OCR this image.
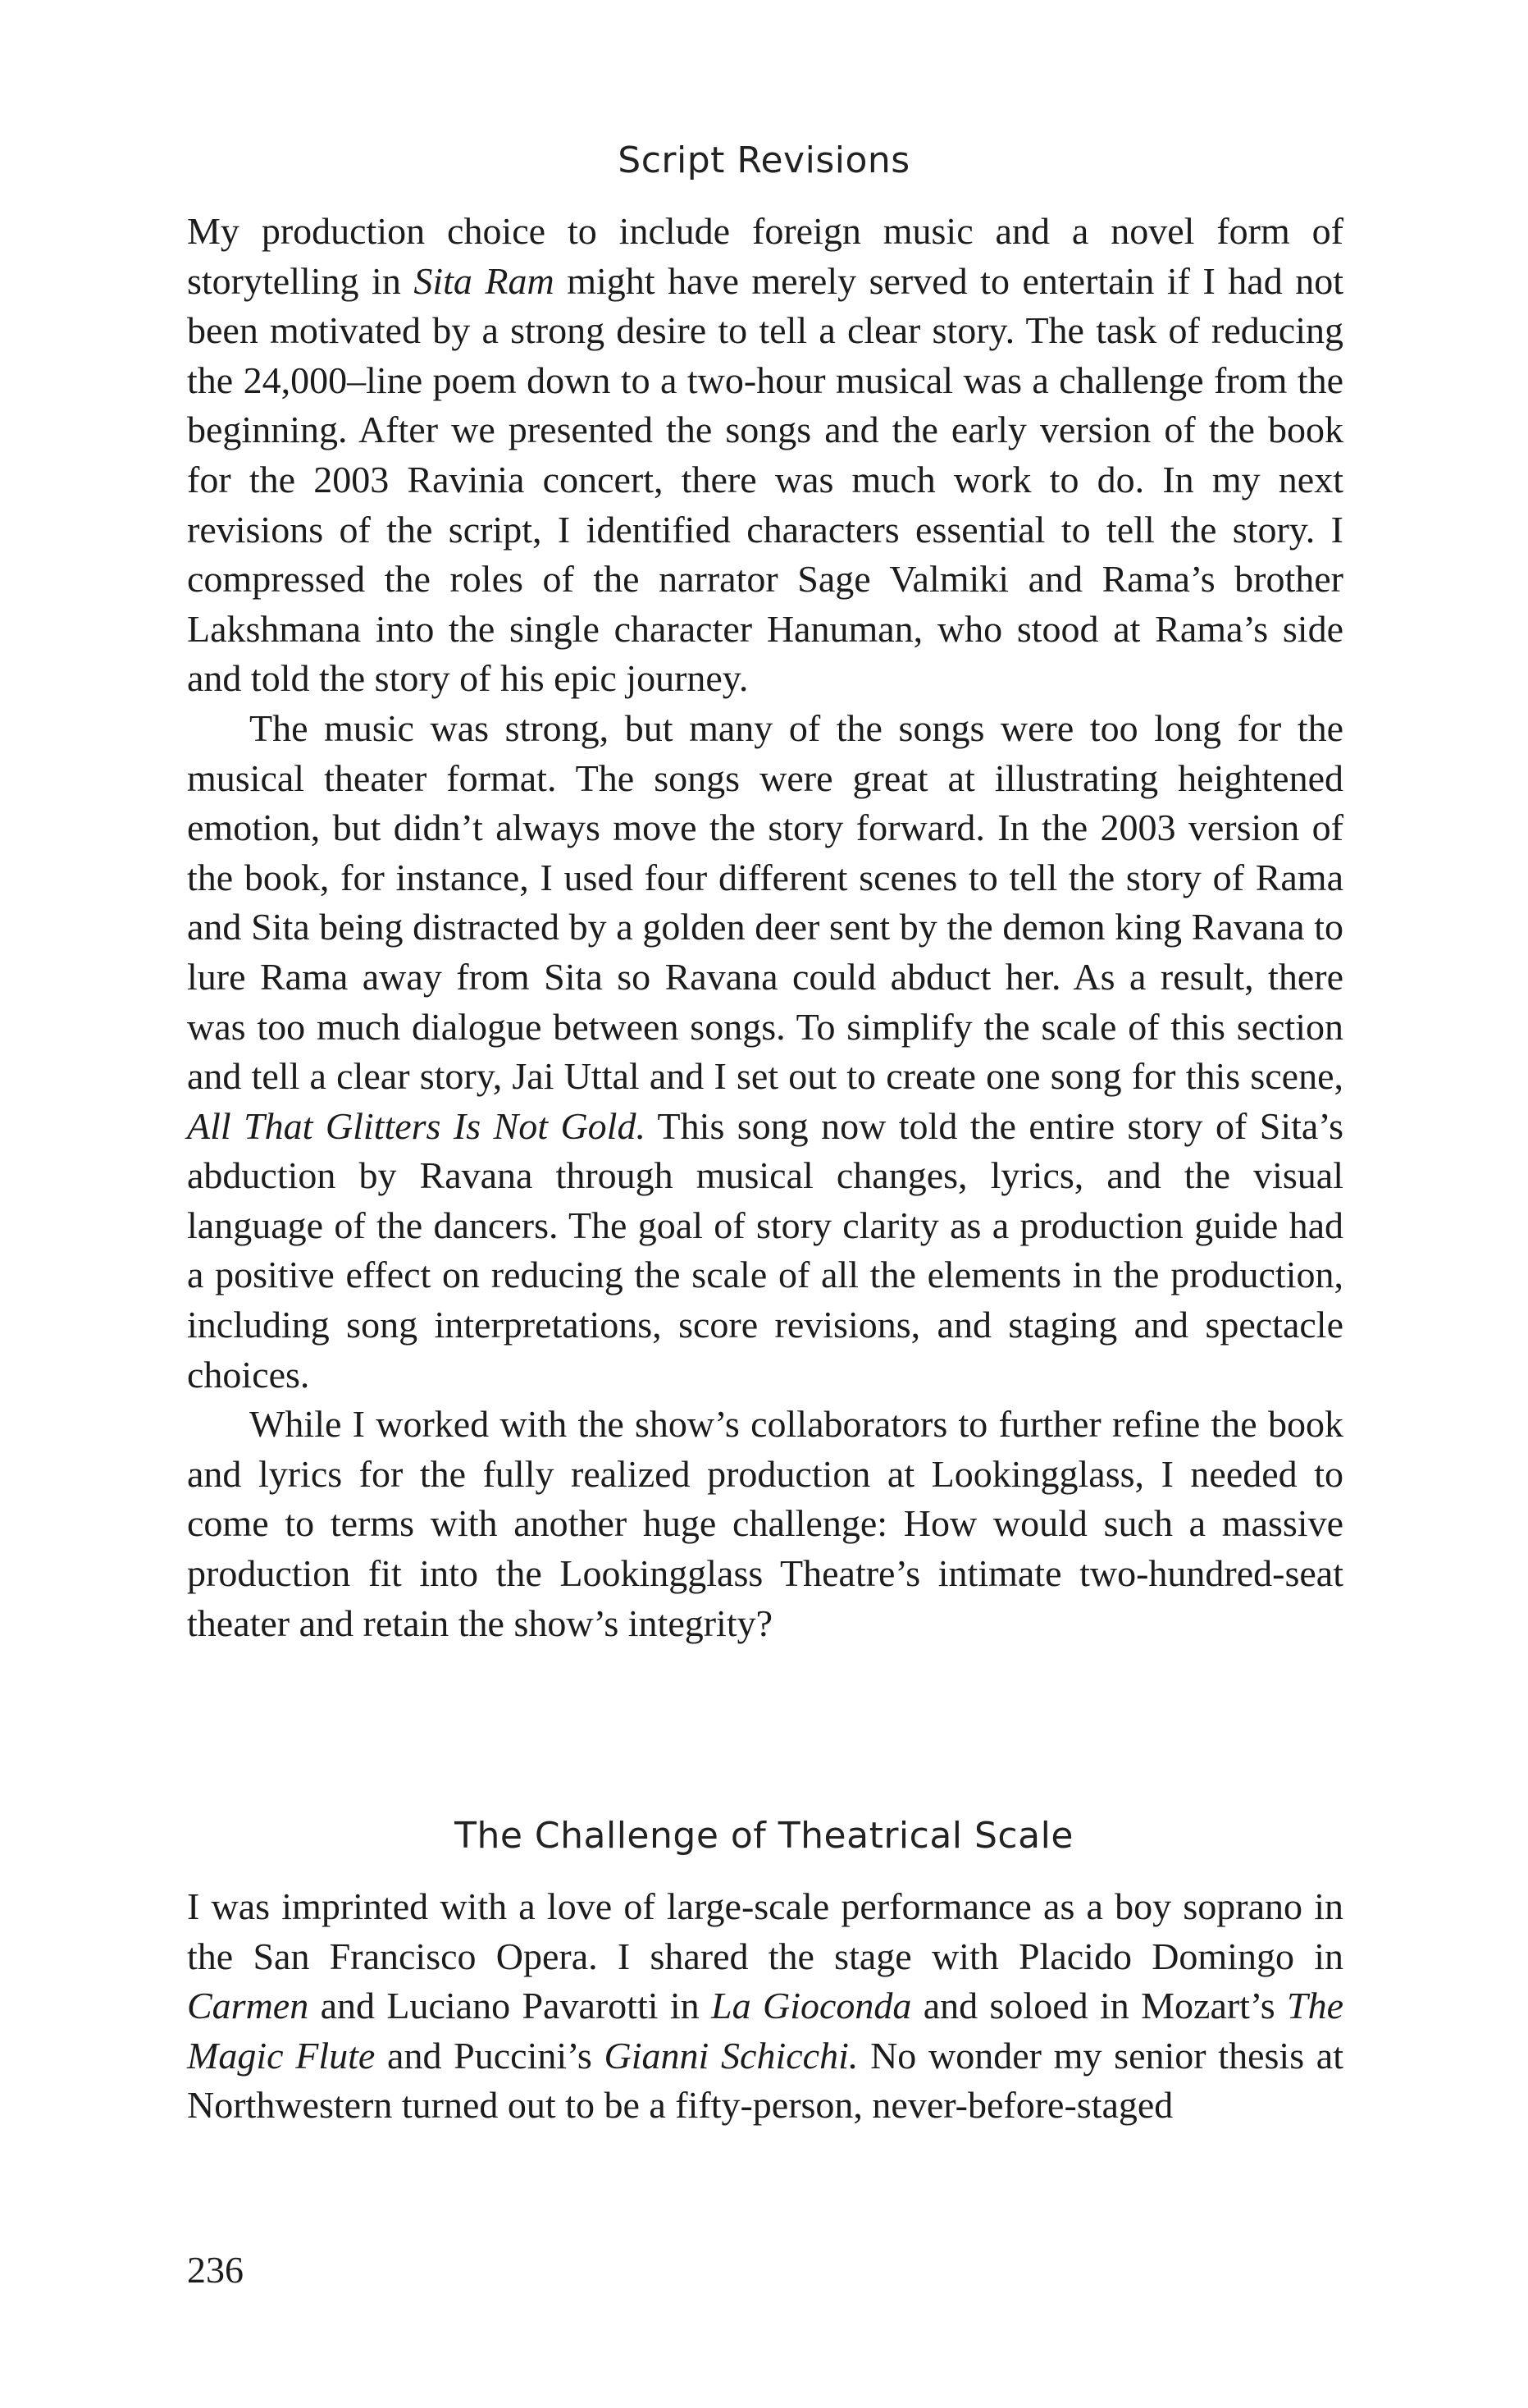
Script Revisions

My production choice to include foreign music and a novel form of storytelling in Sita Ram might have merely served to entertain if I had not been motivated by a strong desire to tell a clear story. The task of reducing the 24,000–line poem down to a two-hour musical was a challenge from the beginning. After we presented the songs and the early version of the book for the 2003 Ravinia concert, there was much work to do. In my next revisions of the script, I identified characters essential to tell the story. I compressed the roles of the narrator Sage Valmiki and Rama’s brother Lakshmana into the single character Hanuman, who stood at Rama’s side and told the story of his epic journey.

The music was strong, but many of the songs were too long for the musical theater format. The songs were great at illustrating heightened emotion, but didn’t always move the story forward. In the 2003 version of the book, for instance, I used four different scenes to tell the story of Rama and Sita being distracted by a golden deer sent by the demon king Ravana to lure Rama away from Sita so Ravana could abduct her. As a result, there was too much dialogue between songs. To simplify the scale of this section and tell a clear story, Jai Uttal and I set out to create one song for this scene, All That Glitters Is Not Gold. This song now told the entire story of Sita’s abduction by Ravana through musical changes, lyrics, and the visual language of the dancers. The goal of story clarity as a production guide had a positive effect on reducing the scale of all the elements in the production, including song interpretations, score revisions, and staging and spectacle choices.

While I worked with the show’s collaborators to further refine the book and lyrics for the fully realized production at Lookingglass, I needed to come to terms with another huge challenge: How would such a massive production fit into the Lookingglass Theatre’s intimate two-hundred-seat theater and retain the show’s integrity?

The Challenge of Theatrical Scale

I was imprinted with a love of large-scale performance as a boy soprano in the San Francisco Opera. I shared the stage with Placido Domingo in Carmen and Luciano Pavarotti in La Gioconda and soloed in Mozart’s The Magic Flute and Puccini’s Gianni Schicchi. No wonder my senior thesis at Northwestern turned out to be a fifty-person, never-before-staged

236
